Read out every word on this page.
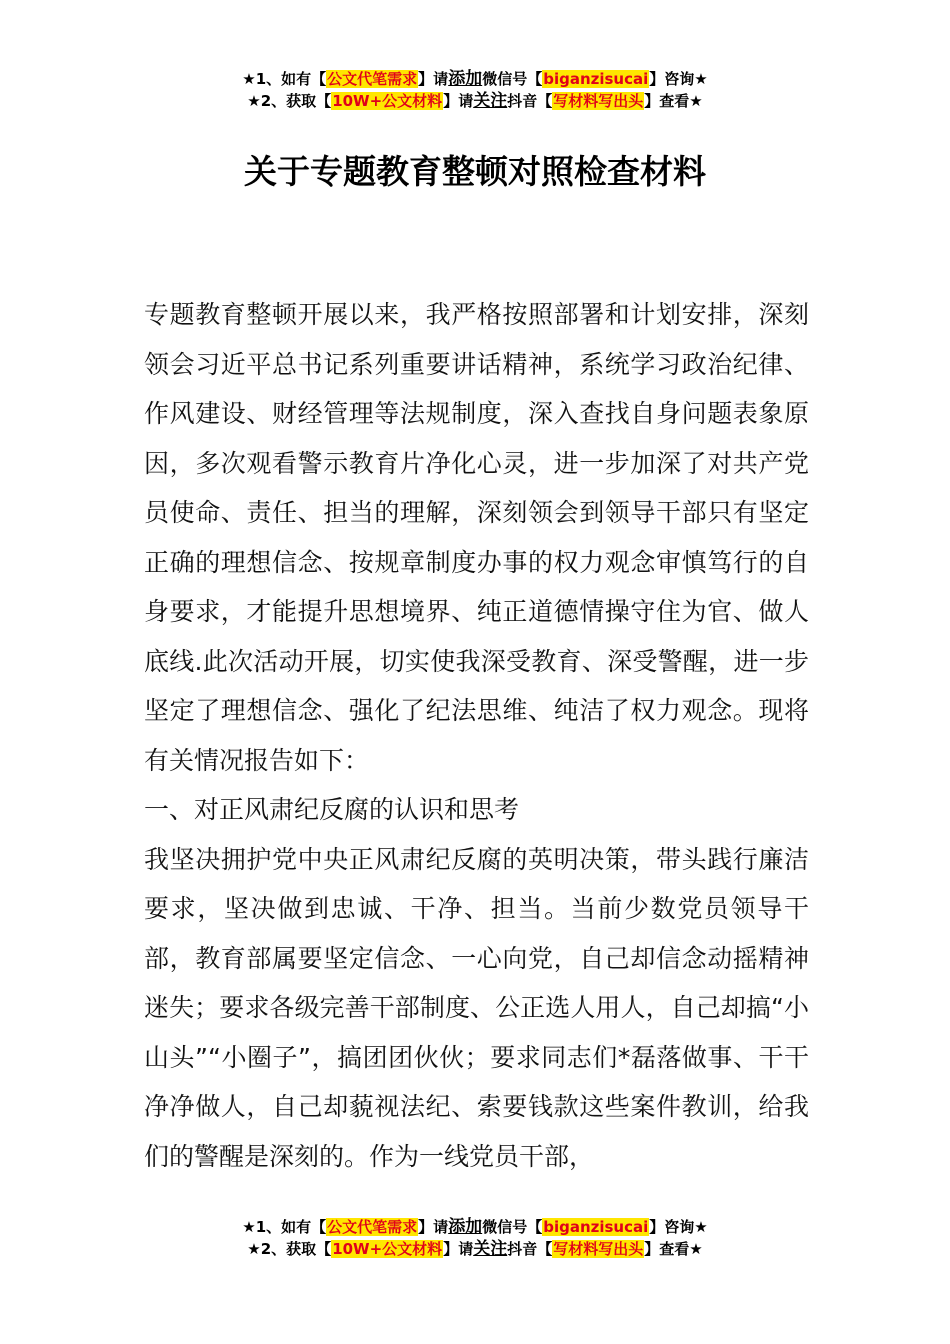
★1、如有【公文代笔需求】请添加微信号【biganzisucai】咨询★
★2、获取【10W+公文材料】请关注抖音【写材料写出头】查看★
关于专题教育整顿对照检查材料

专题教育整顿开展以来，我严格按照部署和计划安排，深刻领会习近平总书记系列重要讲话精神，系统学习政治纪律、作风建设、财经管理等法规制度，深入查找自身问题表象原因，多次观看警示教育片净化心灵，进一步加深了对共产党员使命、责任、担当的理解，深刻领会到领导干部只有坚定正确的理想信念、按规章制度办事的权力观念审慎笃行的自身要求，才能提升思想境界、纯正道德情操守住为官、做人底线.此次活动开展，切实使我深受教育、深受警醒，进一步坚定了理想信念、强化了纪法思维、纯洁了权力观念。现将有关情况报告如下：

一、对正风肃纪反腐的认识和思考

我坚决拥护党中央正风肃纪反腐的英明决策，带头践行廉洁要求，坚决做到忠诚、干净、担当。当前少数党员领导干部，教育部属要坚定信念、一心向党，自己却信念动摇精神迷失；要求各级完善干部制度、公正选人用人，自己却搞“小山头”“小圈子”，搞团团伙伙；要求同志们*磊落做事、干干净净做人，自己却藐视法纪、索要钱款这些案件教训，给我们的警醒是深刻的。作为一线党员干部，

★1、如有【公文代笔需求】请添加微信号【biganzisucai】咨询★
★2、获取【10W+公文材料】请关注抖音【写材料写出头】查看★
